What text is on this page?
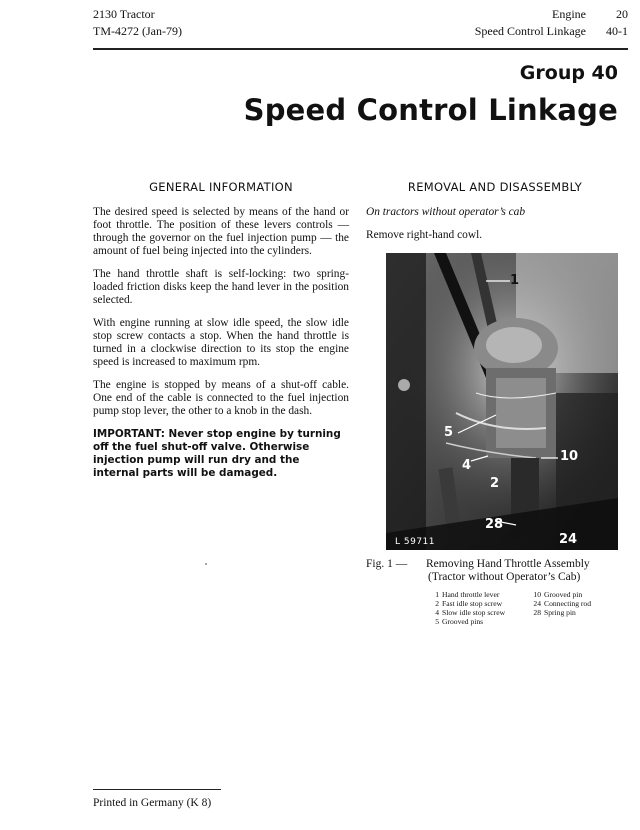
2130 Tractor
TM-4272 (Jan-79)
Engine	20
Speed Control Linkage	40-1
Group 40
Speed Control Linkage
GENERAL INFORMATION

The desired speed is selected by means of the hand or foot throttle. The position of these levers controls — through the governor on the fuel injection pump — the amount of fuel being injected into the cylinders.

The hand throttle shaft is self-locking: two spring-loaded friction disks keep the hand lever in the position selected.

With engine running at slow idle speed, the slow idle stop screw contacts a stop. When the hand throttle is turned in a clockwise direction to its stop the engine speed is increased to maximum rpm.

The engine is stopped by means of a shut-off cable. One end of the cable is connected to the fuel injection pump stop lever, the other to a knob in the dash.

IMPORTANT: Never stop engine by turning off the fuel shut-off valve. Otherwise injection pump will run dry and the internal parts will be damaged.

REMOVAL AND DISASSEMBLY

On tractors without operator’s cab

Remove right-hand cowl.

1
5
10
4
2
28
24
L 59711
Fig. 1 —	Removing Hand Throttle Assembly
(Tractor without Operator’s Cab)
1 Hand throttle lever	10 Grooved pin
2 Fast idle stop screw	24 Connecting rod
4 Slow idle stop screw	28 Spring pin
5 Grooved pins
Printed in Germany (K 8)
